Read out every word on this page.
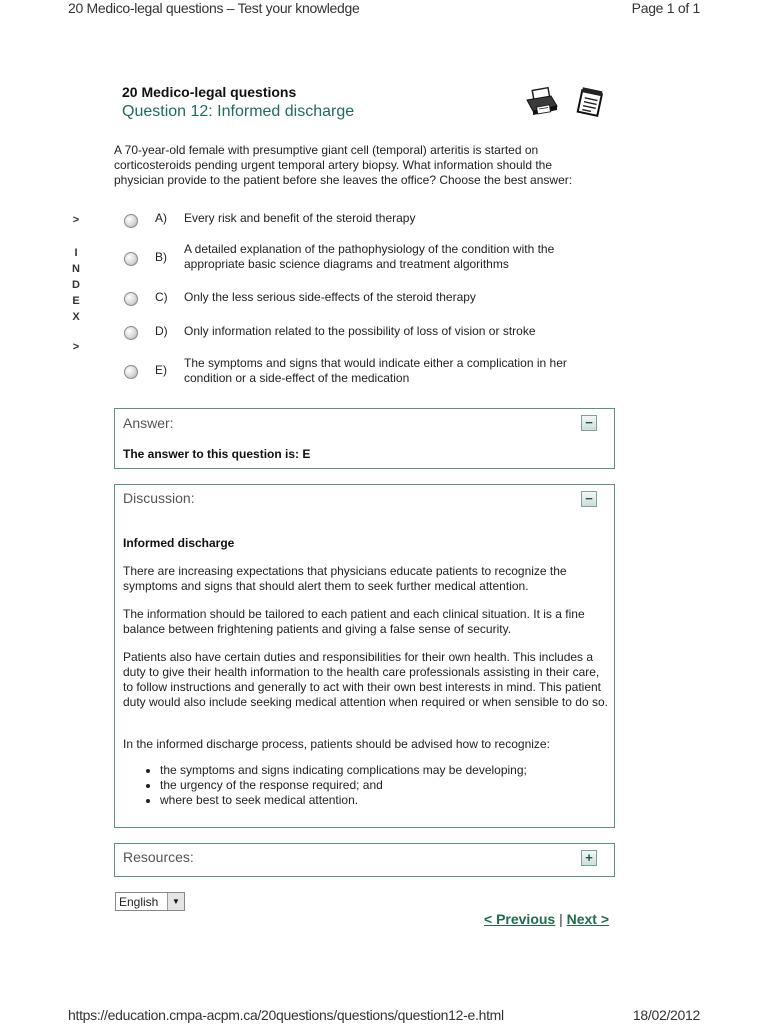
20 Medico-legal questions – Test your knowledge	Page 1 of 1
https://education.cmpa-acpm.ca/20questions/questions/question12-e.html	18/02/2012
20 Medico-legal questions
Question 12: Informed discharge
A 70-year-old female with presumptive giant cell (temporal) arteritis is started on corticosteroids pending urgent temporal artery biopsy. What information should the physician provide to the patient before she leaves the office? Choose the best answer:
>
I
N
D
E
X
>
A) Every risk and benefit of the steroid therapy
B)
A detailed explanation of the pathophysiology of the condition with the appropriate basic science diagrams and treatment algorithms
C) Only the less serious side-effects of the steroid therapy
D) Only information related to the possibility of loss of vision or stroke
E) The symptoms and signs that would indicate either a complication in her condition or a side-effect of the medication
Answer:	−
The answer to this question is: E
Discussion:	−
Informed discharge
There are increasing expectations that physicians educate patients to recognize the symptoms and signs that should alert them to seek further medical attention.
The information should be tailored to each patient and each clinical situation. It is a fine balance between frightening patients and giving a false sense of security.
Patients also have certain duties and responsibilities for their own health. This includes a duty to give their health information to the health care professionals assisting in their care, to follow instructions and generally to act with their own best interests in mind. This patient duty would also include seeking medical attention when required or when sensible to do so.
In the informed discharge process, patients should be advised how to recognize:
• the symptoms and signs indicating complications may be developing;
• the urgency of the response required; and
• where best to seek medical attention.
Resources:	+
English	▼
< Previous | Next >
